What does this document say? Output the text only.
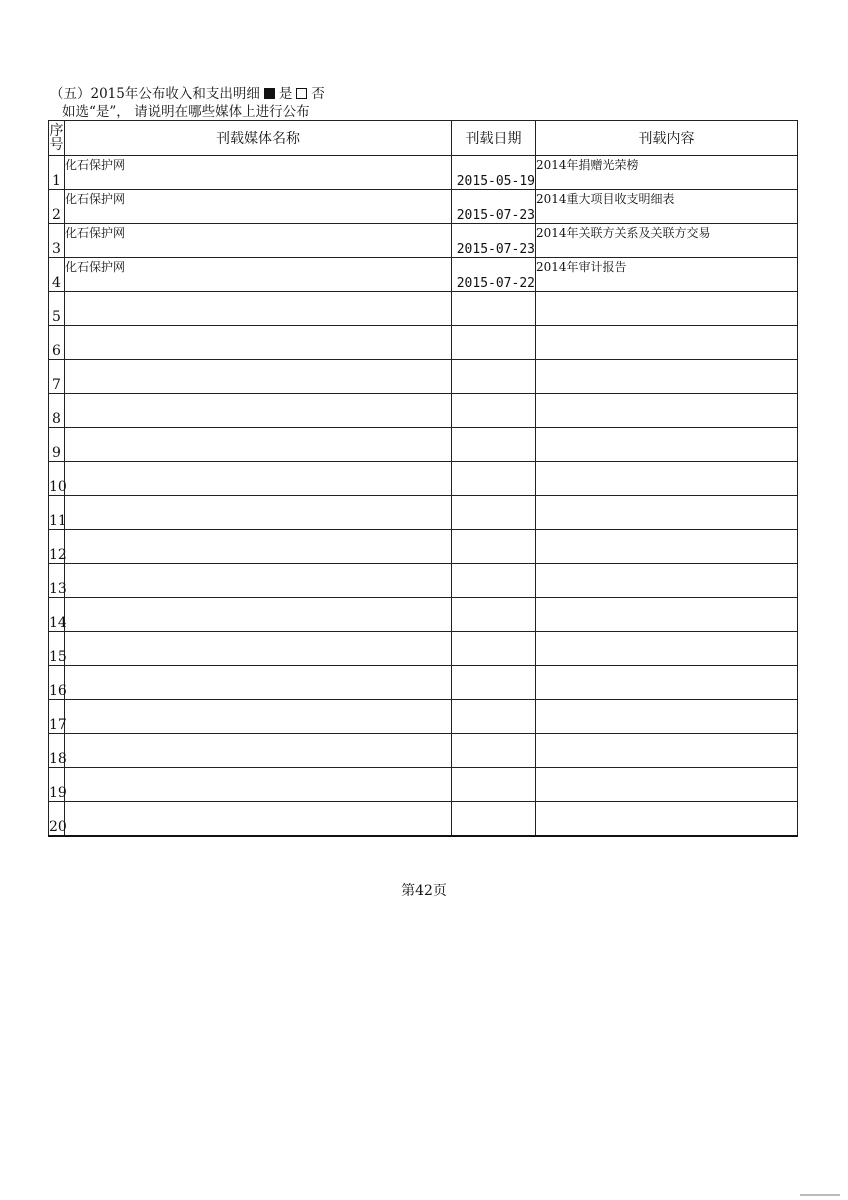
（五）2015年公布收入和支出明细 是 否
如选“是”， 请说明在哪些媒体上进行公布
序号	刊载媒体名称	刊载日期	刊载内容
1	化石保护网	2015-05-19	2014年捐赠光荣榜
2	化石保护网	2015-07-23	2014重大项目收支明细表
3	化石保护网	2015-07-23	2014年关联方关系及关联方交易
4	化石保护网	2015-07-22	2014年审计报告
5			
6			
7			
8			
9			
10			
11			
12			
13			
14			
15			
16			
17			
18			
19			
20			
第42页
